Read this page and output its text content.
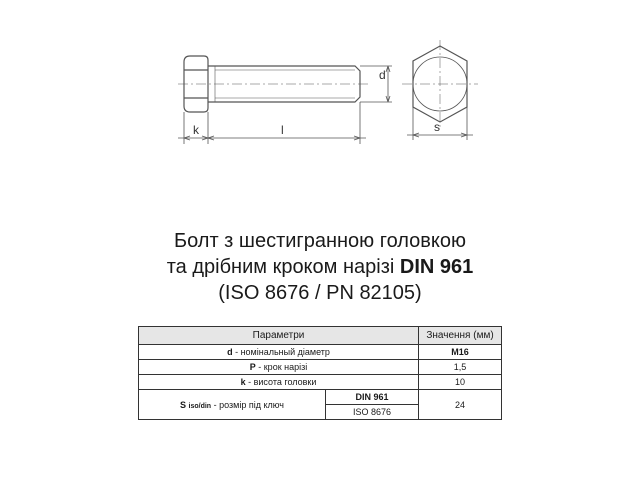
d
k	l	s
Болт з шестигранною головкою
та дрібним кроком нарізі DIN 961
(ISO 8676 / PN 82105)
Параметри		Значення (мм)
d - номінальный діаметр		M16
P - крок нарізі		1,5
k - висота головки		10
S iso/din - розмір під ключ	DIN 961	24
	ISO 8676	
